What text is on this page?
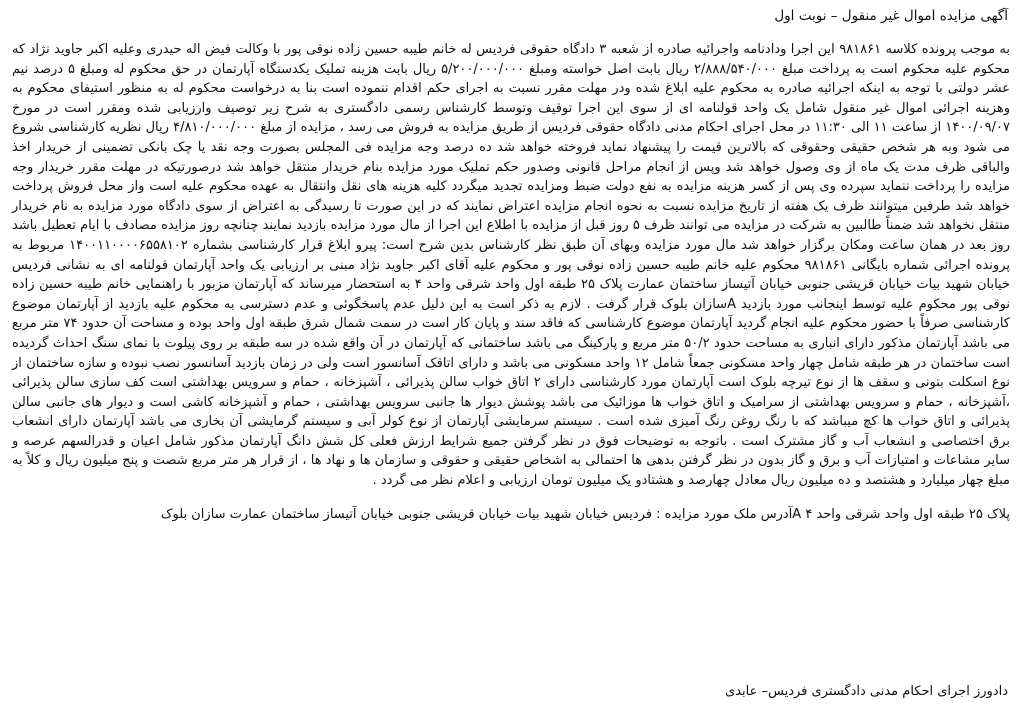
آگهی مزایده اموال غیر منقول – نوبت اول
به موجب پرونده کلاسه ۹۸۱۸۶۱ این اجرا ودادنامه واجرائیه صادره از شعبه ۳ دادگاه حقوقی فردیس له خانم طیبه حسین زاده نوقی پور با وکالت فیض اله حیدری وعلیه اکبر جاوید نژاد که محکوم علیه محکوم است به پرداخت مبلغ ۲/۸۸۸/۵۴۰/۰۰۰ ریال بابت اصل خواسته ومبلغ ۵/۲۰۰/۰۰۰/۰۰۰ ریال بابت هزینه تملیک یکدستگاه آپارتمان در حق محکوم له ومبلغ ۵ درصد نیم عشر دولتی با توجه به اینکه اجرائیه صادره به محکوم علیه ابلاغ شده ودر مهلت مقرر نسبت به اجرای حکم اقدام ننموده است بنا به درخواست محکوم له به منظور استیفای محکوم به وهزینه اجرائی اموال غیر منقول شامل یک واحد قولنامه ای از سوی این اجرا توقیف وتوسط کارشناس رسمی دادگستری به شرح زیر توصیف وارزیابی شده ومقرر است در مورخ ۱۴۰۰/۰۹/۰۷ از ساعت ۱۱ الی ۱۱:۳۰ در محل اجرای احکام مدنی دادگاه حقوقی فردیس از طریق مزایده به فروش می رسد ، مزایده از مبلغ ۴/۸۱۰/۰۰۰/۰۰۰ ریال نظریه کارشناسی شروع می شود وبه هر شخص حقیقی وحقوقی که بالاترین قیمت را پیشنهاد نماید فروخته خواهد شد ده درصد وجه مزایده فی المجلس بصورت وجه نقد یا چک بانکی تضمینی از خریدار اخذ والباقی ظرف مدت یک ماه از وی وصول خواهد شد وپس از انجام مراحل قانونی وصدور حکم تملیک مورد مزایده بنام خریدار منتقل خواهد شد درصورتیکه در مهلت مقرر خریدار وجه مزایده را پرداخت ننماید سپرده وی پس از کسر هزینه مزایده به نفع دولت ضبط ومزایده تجدید میگردد کلیه هزینه های نقل وانتقال به عهده محکوم علیه است واز محل فروش پرداخت خواهد شد طرفین میتوانند ظرف یک هفته از تاریخ مزایده نسبت به نحوه انجام مزایده اعتراض نمایند که در این صورت تا رسیدگی به اعتراض از سوی دادگاه مورد مزایده به نام خریدار منتقل نخواهد شد ضمناً طالبین به شرکت در مزایده می توانند ظرف ۵ روز قبل از مزایده با اطلاع این اجرا از مال مورد مزایده بازدید نمایند چنانچه روز مزایده مصادف با ایام تعطیل باشد روز بعد در همان ساعت ومکان برگزار خواهد شد مال مورد مزایده وبهای آن طبق نظر کارشناس بدین شرح است: پیرو ابلاغ قرار کارشناسی بشماره ۱۴۰۰۱۱۰۰۰۰۶۵۵۸۱۰۲ مربوط به پرونده اجرائی شماره بایگانی ۹۸۱۸۶۱ محکوم علیه خانم طیبه حسین زاده نوقی پور و محکوم علیه آقای اکبر جاوید نژاد مبنی بر ارزیابی یک واحد آپارتمان قولنامه ای به نشانی فردیس خیابان شهید بیات خیابان قریشی جنوبی خیابان آتیساز ساختمان عمارت پلاک ۲۵ طبقه اول واحد شرقی واحد ۴ به استحضار میرساند که آپارتمان مزبور با راهنمایی خانم طیبه حسین زاده نوقی پور محکوم علیه توسط اینجانب مورد بازدید Aسازان بلوک قرار گرفت . لازم به ذکر است به این دلیل عدم پاسخگوئی و عدم دسترسی به محکوم علیه بازدید از آپارتمان موضوع کارشناسی صرفاً با حضور محکوم علیه انجام گردید آپارتمان موضوع کارشناسی که فاقد سند و پایان کار است در سمت شمال شرق طبقه اول واحد بوده و مساحت آن حدود ۷۴ متر مربع می باشد آپارتمان مذکور دارای انباری به مساحت حدود ۵۰/۲ متر مربع و پارکینگ می باشد ساختمانی که آپارتمان در آن واقع شده در سه طبقه بر روی پیلوت با نمای سنگ احداث گردیده است ساختمان در هر طبقه شامل چهار واحد مسکونی جمعاً شامل ۱۲ واحد مسکونی می باشد و دارای اتاقک آسانسور است ولی در زمان بازدید آسانسور نصب نبوده و سازه ساختمان از نوع اسکلت بتونی و سقف ها از نوع تیرچه بلوک است آپارتمان مورد کارشناسی دارای ۲ اتاق خواب سالن پذیرائی ، آشپزخانه ، حمام و سرویس بهداشتی است کف سازی سالن پذیرائی ،آشپزخانه ، حمام و سرویس بهداشتی از سرامیک و اتاق خواب ها موزائیک می باشد پوشش دیوار ها جانبی سرویس بهداشتی ، حمام و آشپزخانه کاشی است و دیوار های جانبی سالن پذیرائی و اتاق خواب ها کچ میباشد که با رنگ روغن رنگ آمیزی شده است . سیستم سرمایشی آپارتمان از نوع کولر آبی و سیستم گرمایشی آن بخاری می باشد آپارتمان دارای انشعاب برق اختصاصی و انشعاب آب و گاز مشترک است . باتوجه به توضیحات فوق در نظر گرفتن جمیع شرایط ارزش فعلی کل شش دانگ آپارتمان مذکور شامل اعیان و قدرالسهم عرصه و سایر مشاعات و امتیازات آب و برق و گاز بدون در نظر گرفتن بدهی ها احتمالی به اشخاص حقیقی و حقوقی و سازمان ها و نهاد ها ، از قرار هر متر مربع شصت و پنج میلیون ریال و کلاً به مبلغ چهار میلیارد و هشتصد و ده میلیون ریال معادل چهارصد و هشتادو یک میلیون تومان ارزیابی و اعلام نظر می گردد .
پلاک ۲۵ طبقه اول واحد شرقی واحد ۴ Aآدرس ملک مورد مزایده : فردیس خیابان شهید بیات خیابان قریشی جنوبی خیابان آتیساز ساختمان عمارت سازان بلوک
دادورز اجرای احکام مدنی دادگستری فردیس– عابدی
